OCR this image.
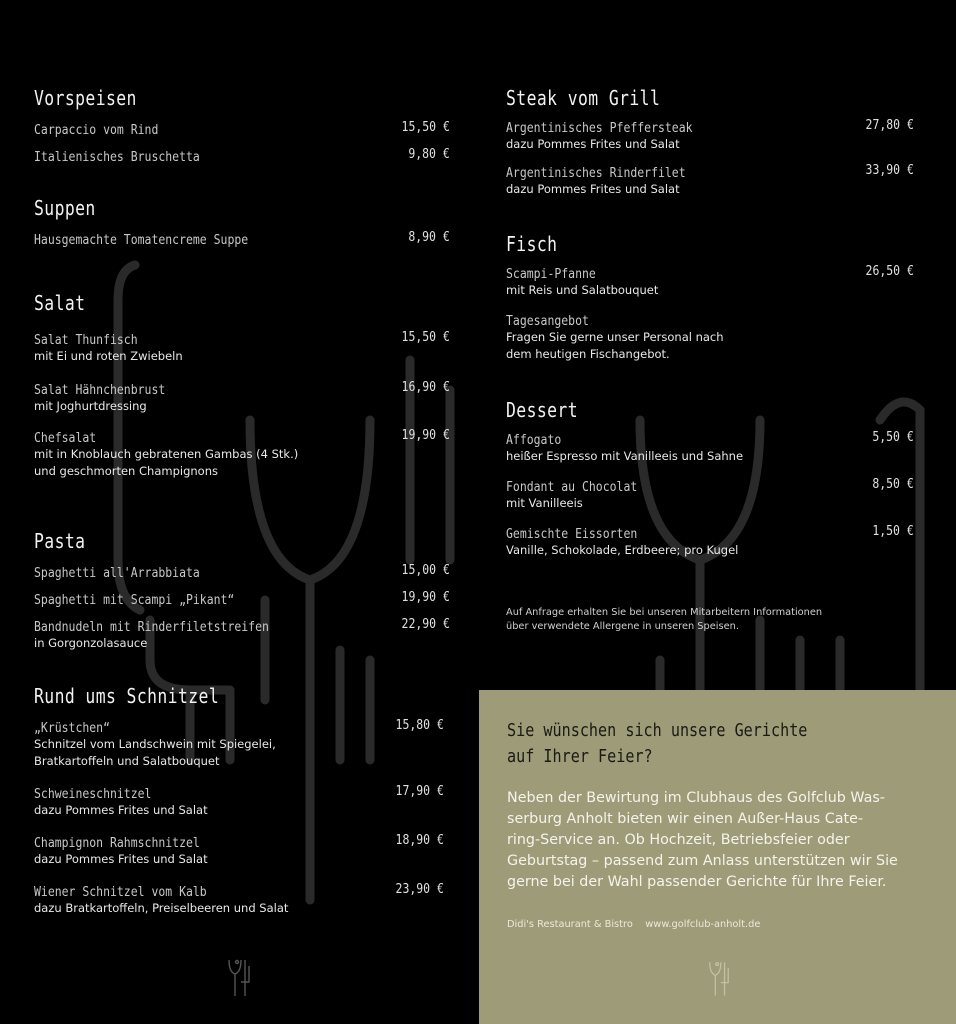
Vorspeisen
Carpaccio vom Rind	15,50 €
Italienisches Bruschetta	9,80 €
Suppen
Hausgemachte Tomatencreme Suppe	8,90 €
Salat
Salat Thunfisch	15,50 €
mit Ei und roten Zwiebeln
Salat Hähnchenbrust	16,90 €
mit Joghurtdressing
Chefsalat	19,90 €
mit in Knoblauch gebratenen Gambas (4 Stk.)
und geschmorten Champignons
Pasta
Spaghetti all'Arrabbiata	15,00 €
Spaghetti mit Scampi „Pikant“	19,90 €
Bandnudeln mit Rinderfiletstreifen	22,90 €
in Gorgonzolasauce
Rund ums Schnitzel
„Krüstchen“	15,80 €
Schnitzel vom Landschwein mit Spiegelei,
Bratkartoffeln und Salatbouquet
Schweineschnitzel	17,90 €
dazu Pommes Frites und Salat
Champignon Rahmschnitzel	18,90 €
dazu Pommes Frites und Salat
Wiener Schnitzel vom Kalb	23,90 €
dazu Bratkartoffeln, Preiselbeeren und Salat
Steak vom Grill
Argentinisches Pfeffersteak	27,80 €
dazu Pommes Frites und Salat
Argentinisches Rinderfilet	33,90 €
dazu Pommes Frites und Salat
Fisch
Scampi-Pfanne	26,50 €
mit Reis und Salatbouquet
Tagesangebot
Fragen Sie gerne unser Personal nach
dem heutigen Fischangebot.
Dessert
Affogato	5,50 €
heißer Espresso mit Vanilleeis und Sahne
Fondant au Chocolat	8,50 €
mit Vanilleeis
Gemischte Eissorten	1,50 €
Vanille, Schokolade, Erdbeere; pro Kugel
Auf Anfrage erhalten Sie bei unseren Mitarbeitern Informationen
über verwendete Allergene in unseren Speisen.
Sie wünschen sich unsere Gerichte
auf Ihrer Feier?
Neben der Bewirtung im Clubhaus des Golfclub Was-
serburg Anholt bieten wir einen Außer-Haus Cate-
ring-Service an. Ob Hochzeit, Betriebsfeier oder
Geburtstag – passend zum Anlass unterstützen wir Sie
gerne bei der Wahl passender Gerichte für Ihre Feier.
Didi's Restaurant & Bistro www.golfclub-anholt.de
